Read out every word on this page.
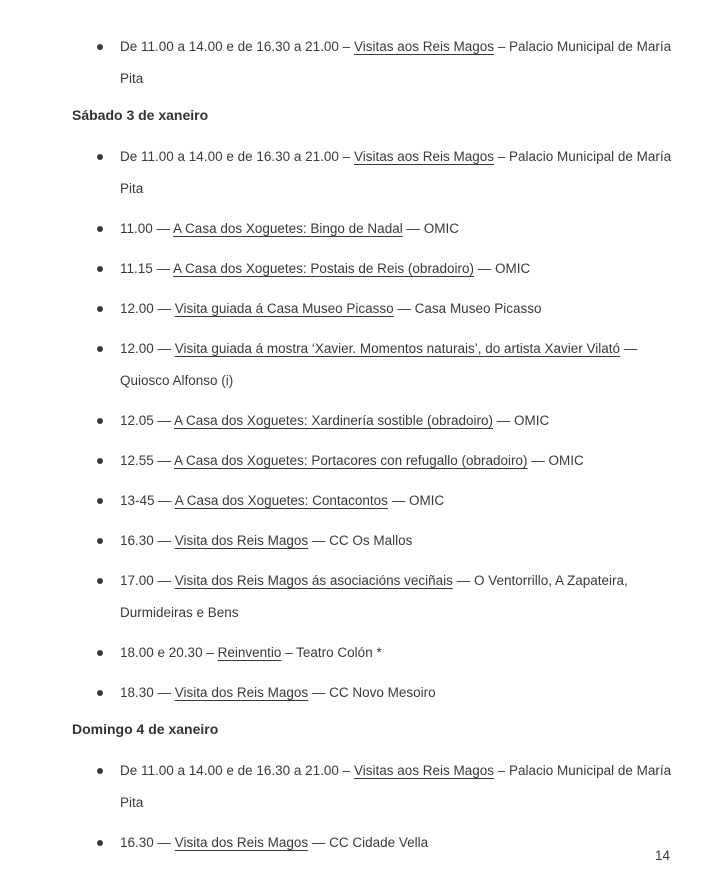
De 11.00 a 14.00 e de 16.30 a 21.00 – Visitas aos Reis Magos – Palacio Municipal de María Pita
Sábado 3 de xaneiro
De 11.00 a 14.00 e de 16.30 a 21.00 – Visitas aos Reis Magos – Palacio Municipal de María Pita
11.00 — A Casa dos Xoguetes: Bingo de Nadal — OMIC
11.15 — A Casa dos Xoguetes: Postais de Reis (obradoiro) — OMIC
12.00 — Visita guiada á Casa Museo Picasso — Casa Museo Picasso
12.00 — Visita guiada á mostra ‘Xavier. Momentos naturais’, do artista Xavier Vilató — Quiosco Alfonso (i)
12.05 — A Casa dos Xoguetes: Xardinería sostible (obradoiro) — OMIC
12.55 — A Casa dos Xoguetes: Portacores con refugallo (obradoiro) — OMIC
13-45 — A Casa dos Xoguetes: Contacontos — OMIC
16.30 — Visita dos Reis Magos — CC Os Mallos
17.00 — Visita dos Reis Magos ás asociacións veciñais — O Ventorrillo, A Zapateira, Durmideiras e Bens
18.00 e 20.30 – Reinventio – Teatro Colón *
18.30 — Visita dos Reis Magos — CC Novo Mesoiro
Domingo 4 de xaneiro
De 11.00 a 14.00 e de 16.30 a 21.00 – Visitas aos Reis Magos – Palacio Municipal de María Pita
16.30 — Visita dos Reis Magos — CC Cidade Vella
14
